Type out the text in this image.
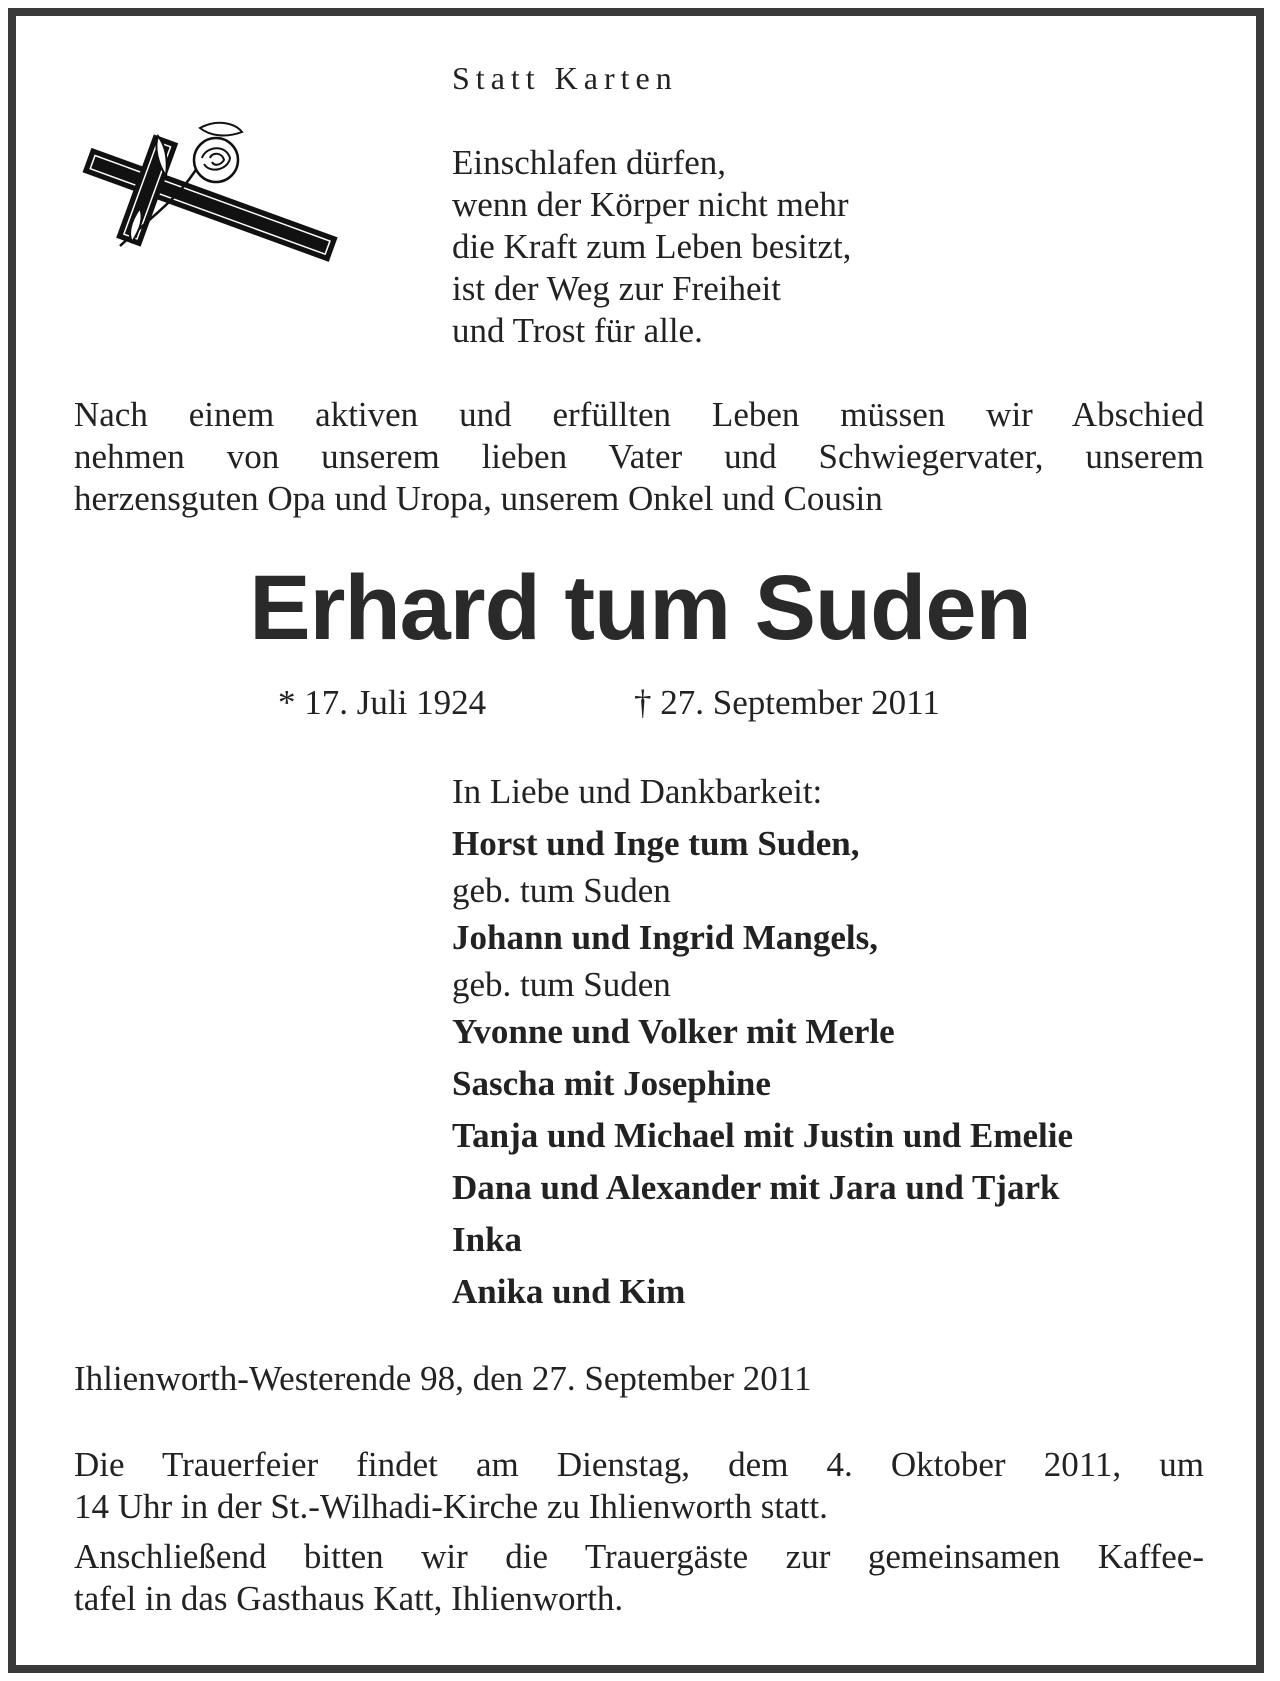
Statt Karten
Einschlafen dürfen,
wenn der Körper nicht mehr
die Kraft zum Leben besitzt,
ist der Weg zur Freiheit
und Trost für alle.
Nach einem aktiven und erfüllten Leben müssen wir Abschied
nehmen von unserem lieben Vater und Schwiegervater, unserem
herzensguten Opa und Uropa, unserem Onkel und Cousin
Erhard tum Suden
* 17. Juli 1924	† 27. September 2011
In Liebe und Dankbarkeit:
Horst und Inge tum Suden,
geb. tum Suden
Johann und Ingrid Mangels,
geb. tum Suden
Yvonne und Volker mit Merle
Sascha mit Josephine
Tanja und Michael mit Justin und Emelie
Dana und Alexander mit Jara und Tjark
Inka
Anika und Kim
Ihlienworth-Westerende 98, den 27. September 2011
Die Trauerfeier findet am Dienstag, dem 4. Oktober 2011, um
14 Uhr in der St.-Wilhadi-Kirche zu Ihlienworth statt.
Anschließend bitten wir die Trauergäste zur gemeinsamen Kaffee-
tafel in das Gasthaus Katt, Ihlienworth.
